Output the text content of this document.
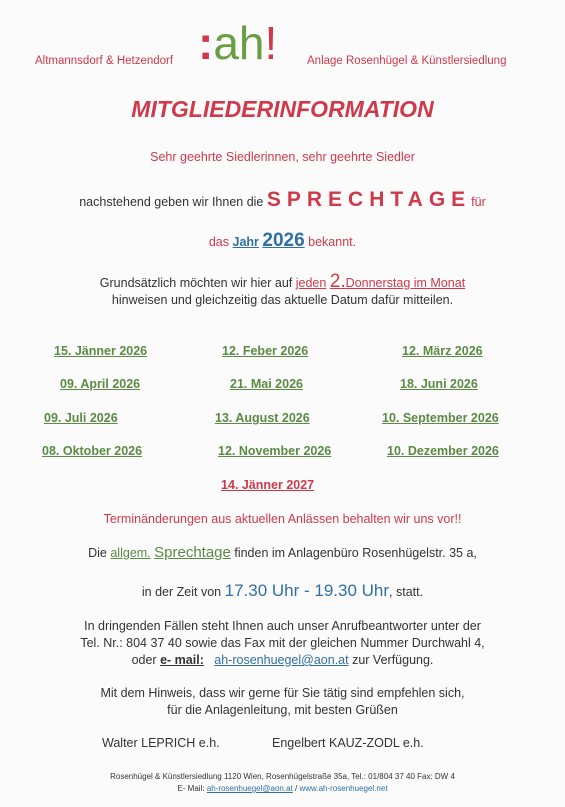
Altmannsdorf & Hetzendorf :ah!	Anlage Rosenhügel & Künstlersiedlung
MITGLIEDERINFORMATION
Sehr geehrte Siedlerinnen, sehr geehrte Siedler
nachstehend geben wir Ihnen die SPRECHTAGEfür
das Jahr 2026 bekannt.
Grundsätzlich möchten wir hier auf jeden 2.Donnerstag im Monat
hinweisen und gleichzeitig das aktuelle Datum dafür mitteilen.
15. Jänner 2026	12. Feber 2026	12. März 2026
09. April 2026	21. Mai 2026	18. Juni 2026
09. Juli 2026	13. August 2026	10. September 2026
08. Oktober 2026	12. November 2026	10. Dezember 2026
14. Jänner 2027
Terminänderungen aus aktuellen Anlässen behalten wir uns vor!!
Die allgem. Sprechtage finden im Anlagenbüro Rosenhügelstr. 35 a,
in der Zeit von 17.30 Uhr - 19.30 Uhr, statt.
In dringenden Fällen steht Ihnen auch unser Anrufbeantworter unter der
Tel. Nr.: 804 37 40 sowie das Fax mit der gleichen Nummer Durchwahl 4,
oder e- mail: ah-rosenhuegel@aon.at zur Verfügung.
Mit dem Hinweis, dass wir gerne für Sie tätig sind empfehlen sich,
für die Anlagenleitung, mit besten Grüßen
Walter LEPRICH e.h.	Engelbert KAUZ-ZODL e.h.
Rosenhügel & Künstlersiedlung 1120 Wien, Rosenhügelstraße 35a, Tel.: 01/804 37 40 Fax: DW 4
E- Mail: ah-rosenhuegel@aon.at / www.ah-rosenhuegel.net
